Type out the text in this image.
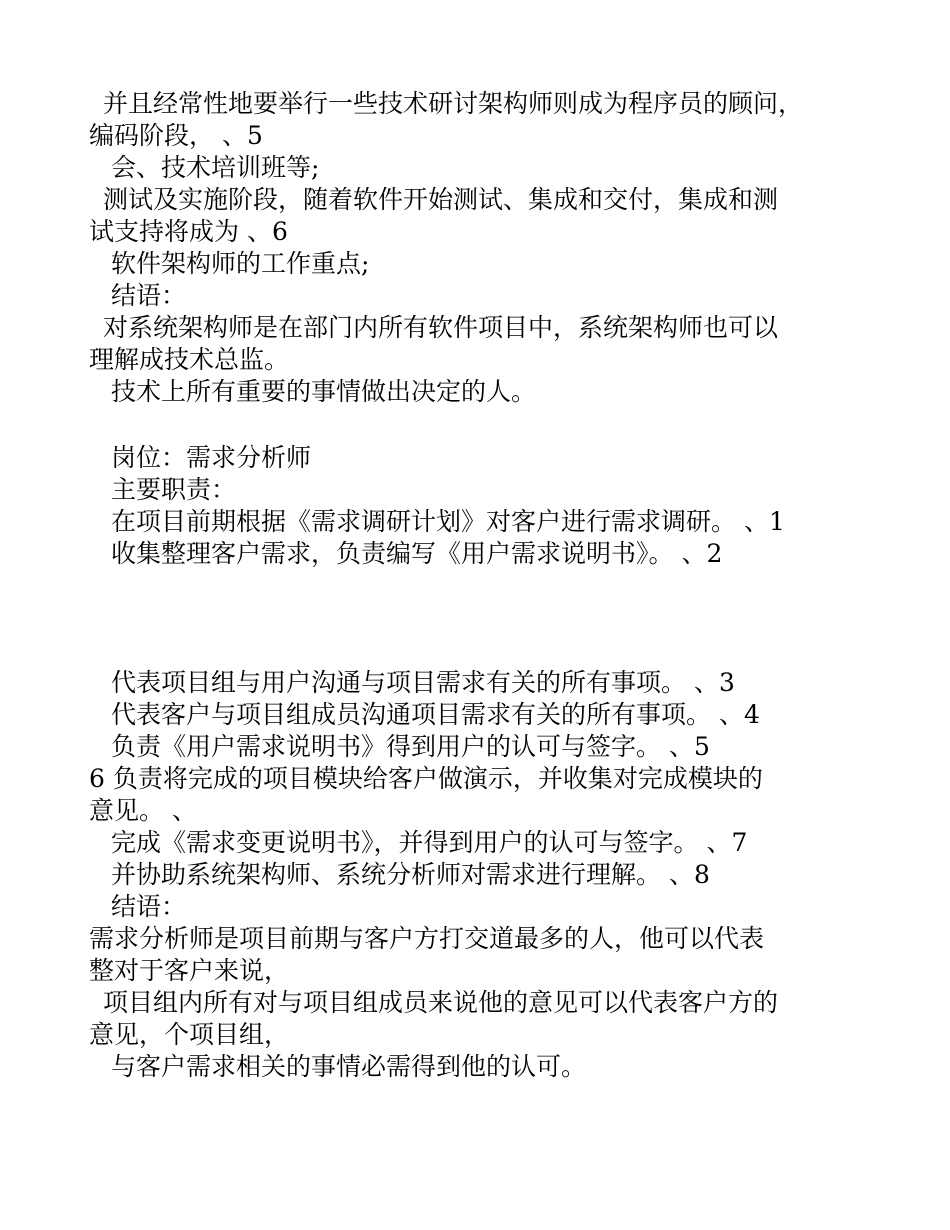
并且经常性地要举行一些技术研讨架构师则成为程序员的顾问，
编码阶段， 、5
会、技术培训班等;
测试及实施阶段，随着软件开始测试、集成和交付，集成和测
试支持将成为 、6
软件架构师的工作重点;
结语：
对系统架构师是在部门内所有软件项目中，系统架构师也可以
理解成技术总监。
技术上所有重要的事情做出决定的人。
岗位：需求分析师
主要职责：
在项目前期根据《需求调研计划》对客户进行需求调研。 、1
收集整理客户需求，负责编写《用户需求说明书》。 、2
代表项目组与用户沟通与项目需求有关的所有事项。 、3
代表客户与项目组成员沟通项目需求有关的所有事项。 、4
负责《用户需求说明书》得到用户的认可与签字。 、5
6 负责将完成的项目模块给客户做演示，并收集对完成模块的
意见。 、
完成《需求变更说明书》，并得到用户的认可与签字。 、7
并协助系统架构师、系统分析师对需求进行理解。 、8
结语：
需求分析师是项目前期与客户方打交道最多的人，他可以代表
整对于客户来说，
项目组内所有对与项目组成员来说他的意见可以代表客户方的
意见，个项目组，
与客户需求相关的事情必需得到他的认可。
